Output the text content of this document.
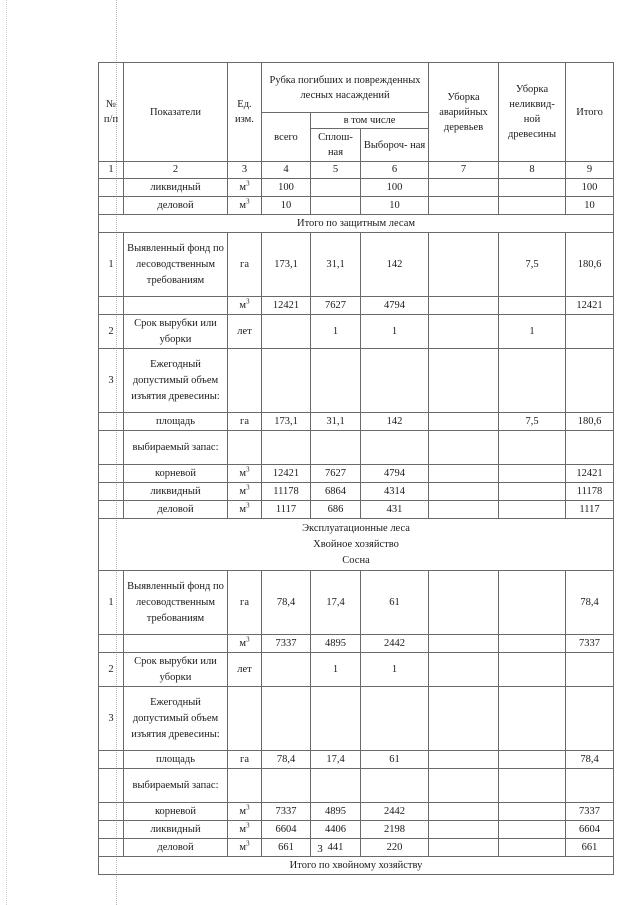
№ п/п	Показатели	Ед. изм.	Рубка погибших и поврежденных лесных насаждений			Уборка аварийных деревьев	Уборка неликвид- ной древесины	Итого
			всего	в том числе				
				Сплош- ная	Выбороч- ная			
1	2	3	4	5	6	7	8	9
	ликвидный	$м^3$	100		100			100
	деловой	$м^3$	10		10			10
Итого по защитным лесам								
1	Выявленный фонд по лесоводственным требованиям	га	173,1	31,1	142		7,5	180,6
		$м^3$	12421	7627	4794			12421
2	Срок вырубки или уборки	лет		1	1		1	
3	Ежегодный допустимый объем изъятия древесины:							
	площадь	га	173,1	31,1	142		7,5	180,6
	выбираемый запас:							
	корневой	$м^3$	12421	7627	4794			12421
	ликвидный	$м^3$	11178	6864	4314			11178
	деловой	$м^3$	1117	686	431			1117

Эксплуатационные леса
Хвойное хозяйство
Сосна								

1	Выявленный фонд по лесоводственным требованиям	га	78,4	17,4	61			78,4
		$м^3$	7337	4895	2442			7337
2	Срок вырубки или уборки	лет		1	1			
3	Ежегодный допустимый объем изъятия древесины:							
	площадь	га	78,4	17,4	61			78,4
	выбираемый запас:							
	корневой	$м^3$	7337	4895	2442			7337
	ликвидный	$м^3$	6604	4406	2198			6604
	деловой	$м^3$	661	441	220			661
Итого по хвойному хозяйству								
3
